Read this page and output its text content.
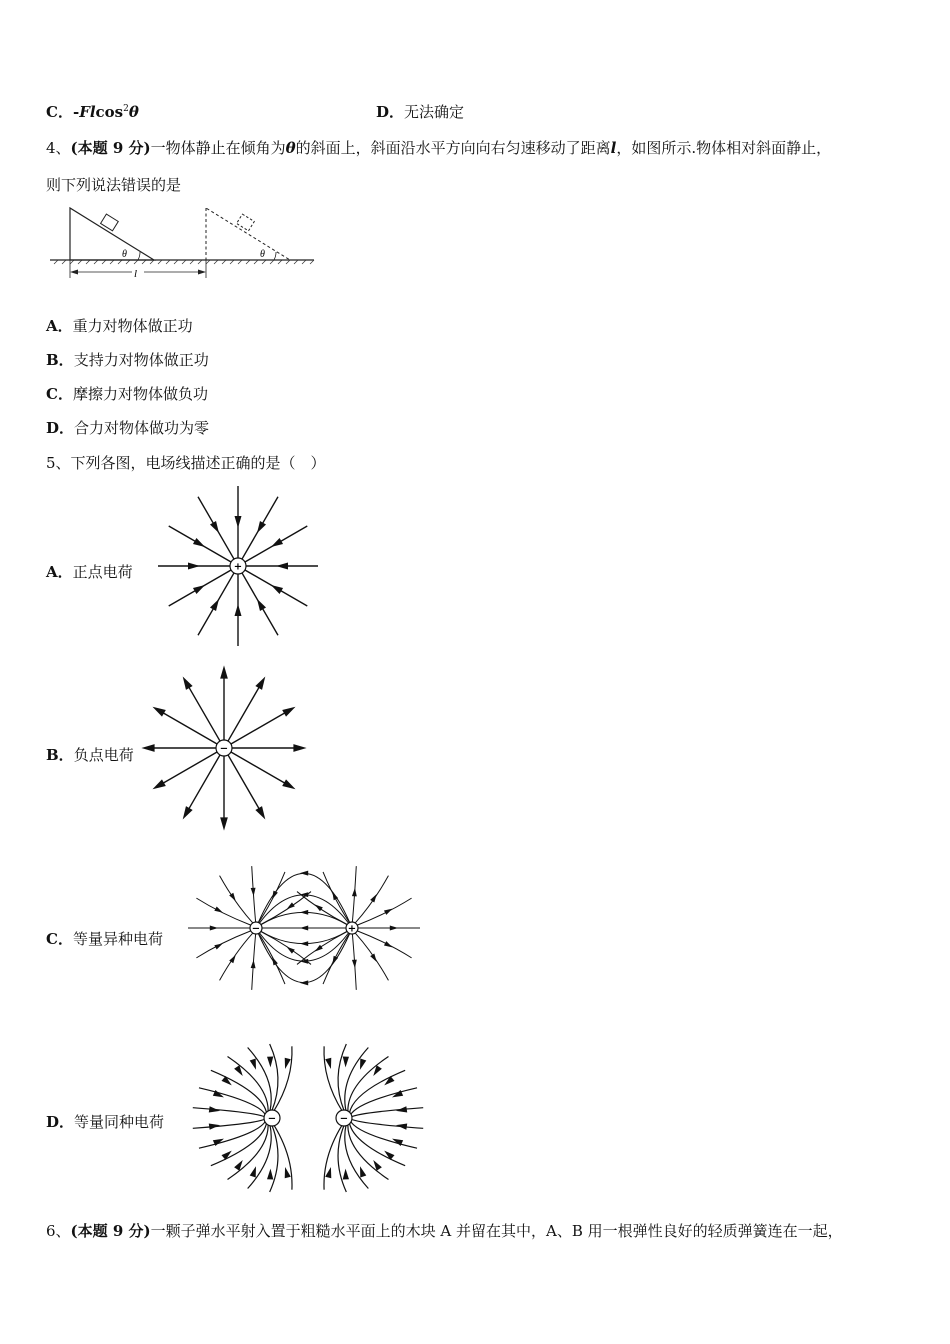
C．-Flcos$^2$θ	D．无法确定
4、(本题 9 分)一物体静止在倾角为θ的斜面上，斜面沿水平方向向右匀速移动了距离l，如图所示.物体相对斜面静止，
则下列说法错误的是
θ	θ
l
A．重力对物体做正功
B．支持力对物体做正功
C．摩擦力对物体做负功
D．合力对物体做功为零
5、下列各图，电场线描述正确的是（　）
A．正点电荷	+
B．负点电荷	−
C．等量异种电荷
−	+
D．等量同种电荷	−	−
6、(本题 9 分)一颗子弹水平射入置于粗糙水平面上的木块 A 并留在其中，A、B 用一根弹性良好的轻质弹簧连在一起，
